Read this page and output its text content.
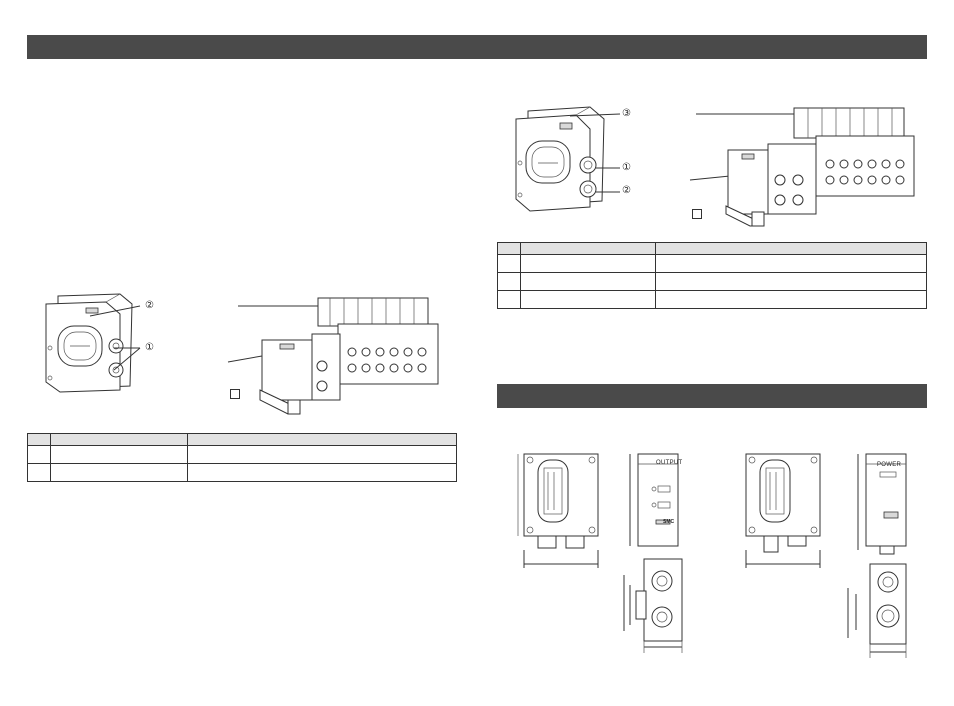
②
①

③
①
②

OUTPUT
SMC
POWER
